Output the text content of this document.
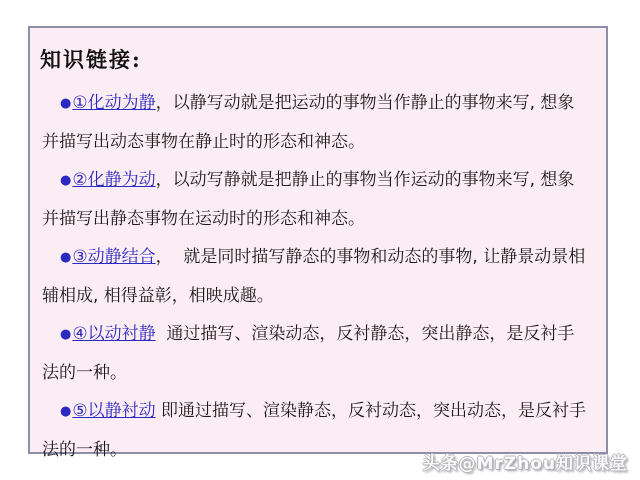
知识链接:

●①化动为静，以静写动就是把运动的事物当作静止的事物来写, 想象并描写出动态事物在静止时的形态和神态。

●②化静为动，以动写静就是把静止的事物当作运动的事物来写, 想象并描写出静态事物在运动时的形态和神态。

●③动静结合，  就是同时描写静态的事物和动态的事物, 让静景动景相辅相成, 相得益彰，相映成趣。

●④以动衬静  通过描写、渲染动态，反衬静态，突出静态，是反衬手法的一种。

●⑤以静衬动 即通过描写、渲染静态，反衬动态，突出动态，是反衬手法的一种。

头条@MrZhou知识课堂
